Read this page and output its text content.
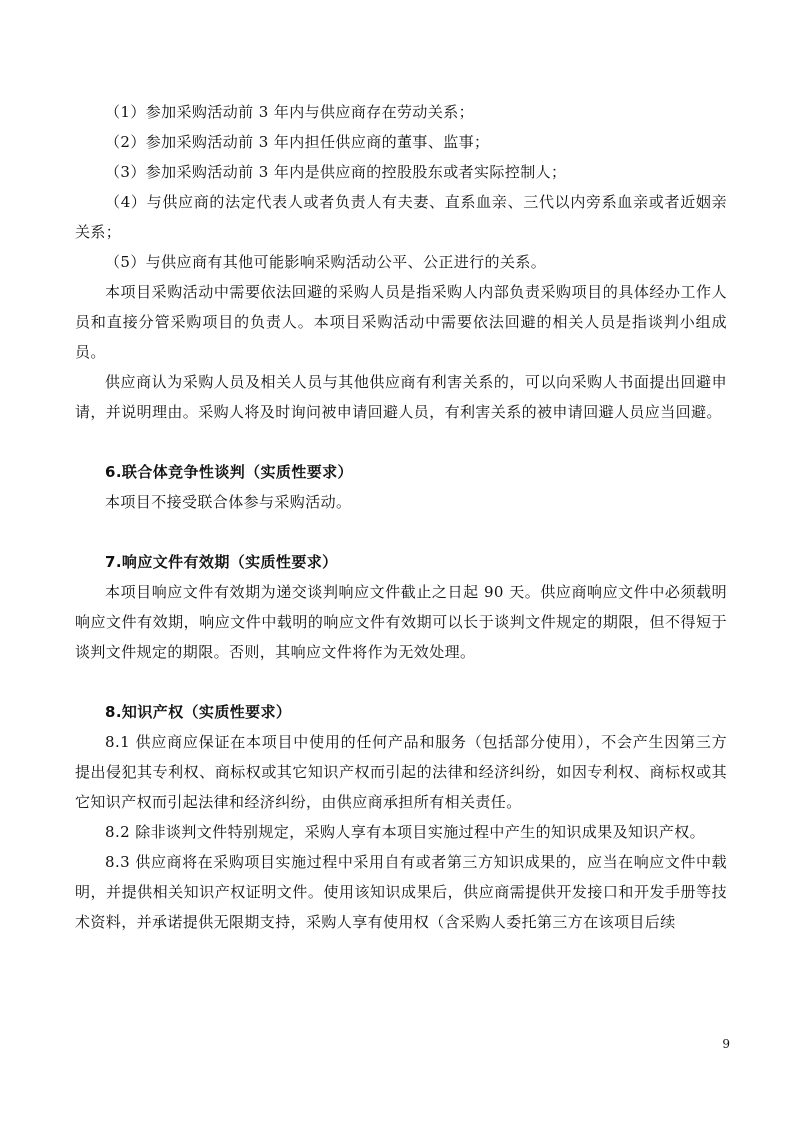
（1）参加采购活动前 3 年内与供应商存在劳动关系；

（2）参加采购活动前 3 年内担任供应商的董事、监事；

（3）参加采购活动前 3 年内是供应商的控股股东或者实际控制人；

（4）与供应商的法定代表人或者负责人有夫妻、直系血亲、三代以内旁系血亲或者近姻亲关系；

（5）与供应商有其他可能影响采购活动公平、公正进行的关系。

本项目采购活动中需要依法回避的采购人员是指采购人内部负责采购项目的具体经办工作人员和直接分管采购项目的负责人。本项目采购活动中需要依法回避的相关人员是指谈判小组成员。

供应商认为采购人员及相关人员与其他供应商有利害关系的，可以向采购人书面提出回避申请，并说明理由。采购人将及时询问被申请回避人员，有利害关系的被申请回避人员应当回避。

6.联合体竞争性谈判（实质性要求）

本项目不接受联合体参与采购活动。

7.响应文件有效期（实质性要求）

本项目响应文件有效期为递交谈判响应文件截止之日起 90 天。供应商响应文件中必须载明响应文件有效期，响应文件中载明的响应文件有效期可以长于谈判文件规定的期限，但不得短于谈判文件规定的期限。否则，其响应文件将作为无效处理。

8.知识产权（实质性要求）

8.1 供应商应保证在本项目中使用的任何产品和服务（包括部分使用），不会产生因第三方提出侵犯其专利权、商标权或其它知识产权而引起的法律和经济纠纷，如因专利权、商标权或其它知识产权而引起法律和经济纠纷，由供应商承担所有相关责任。

8.2 除非谈判文件特别规定，采购人享有本项目实施过程中产生的知识成果及知识产权。

8.3 供应商将在采购项目实施过程中采用自有或者第三方知识成果的，应当在响应文件中载明，并提供相关知识产权证明文件。使用该知识成果后，供应商需提供开发接口和开发手册等技术资料，并承诺提供无限期支持，采购人享有使用权（含采购人委托第三方在该项目后续

9
